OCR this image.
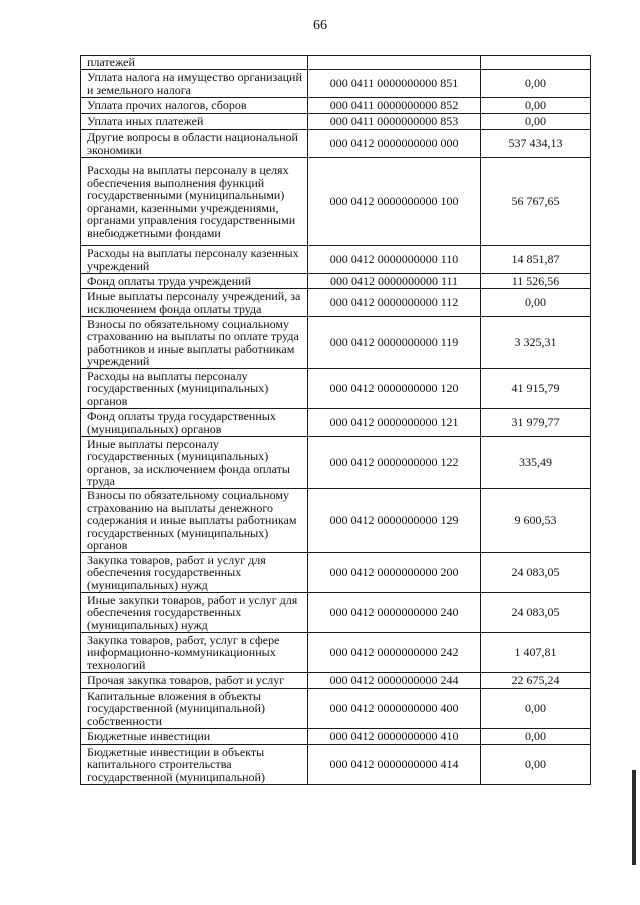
66
платежей		
Уплата налога на имущество организаций и земельного налога	000 0411 0000000000 851	0,00
Уплата прочих налогов, сборов	000 0411 0000000000 852	0,00
Уплата иных платежей	000 0411 0000000000 853	0,00
Другие вопросы в области национальной экономики	000 0412 0000000000 000	537 434,13
Расходы на выплаты персоналу в целях обеспечения выполнения функций государственными (муниципальными) органами, казенными учреждениями, органами управления государственными внебюджетными фондами	000 0412 0000000000 100	56 767,65
Расходы на выплаты персоналу казенных учреждений	000 0412 0000000000 110	14 851,87
Фонд оплаты труда учреждений	000 0412 0000000000 111	11 526,56
Иные выплаты персоналу учреждений, за исключением фонда оплаты труда	000 0412 0000000000 112	0,00
Взносы по обязательному социальному страхованию на выплаты по оплате труда работников и иные выплаты работникам учреждений	000 0412 0000000000 119	3 325,31
Расходы на выплаты персоналу государственных (муниципальных) органов	000 0412 0000000000 120	41 915,79
Фонд оплаты труда государственных (муниципальных) органов	000 0412 0000000000 121	31 979,77
Иные выплаты персоналу государственных (муниципальных) органов, за исключением фонда оплаты труда	000 0412 0000000000 122	335,49
Взносы по обязательному социальному страхованию на выплаты денежного содержания и иные выплаты работникам государственных (муниципальных) органов	000 0412 0000000000 129	9 600,53
Закупка товаров, работ и услуг для обеспечения государственных (муниципальных) нужд	000 0412 0000000000 200	24 083,05
Иные закупки товаров, работ и услуг для обеспечения государственных (муниципальных) нужд	000 0412 0000000000 240	24 083,05
Закупка товаров, работ, услуг в сфере информационно-коммуникационных технологий	000 0412 0000000000 242	1 407,81
Прочая закупка товаров, работ и услуг	000 0412 0000000000 244	22 675,24
Капитальные вложения в объекты государственной (муниципальной) собственности	000 0412 0000000000 400	0,00
Бюджетные инвестиции	000 0412 0000000000 410	0,00
Бюджетные инвестиции в объекты капитального строительства государственной (муниципальной)	000 0412 0000000000 414	0,00
